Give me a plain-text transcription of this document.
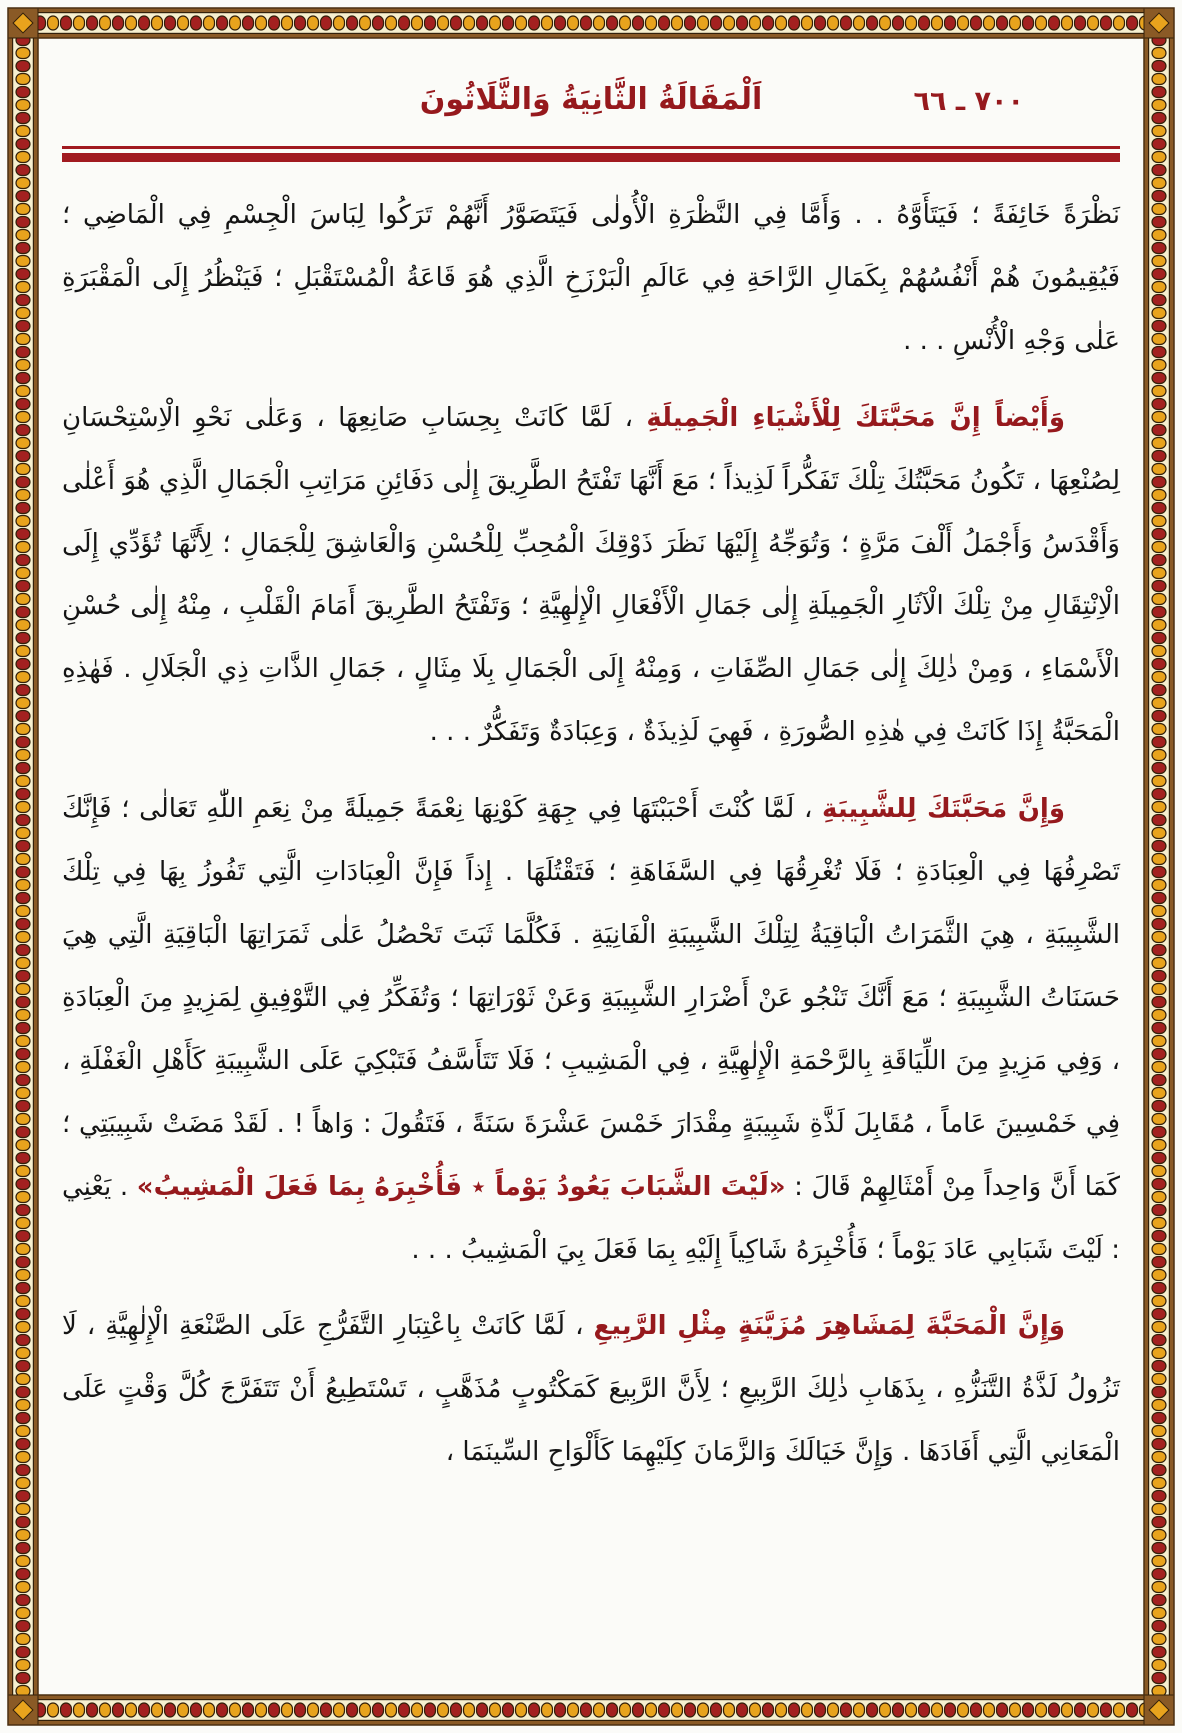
٧٠٠ ـ ٦٦
اَلْمَقَالَةُ الثَّانِيَةُ وَالثَّلَاثُونَ

نَظْرَةً خَائِفَةً ؛ فَيَتَأَوَّهُ . . وَأَمَّا فِي النَّظْرَةِ الْأُولٰى فَيَتَصَوَّرُ أَنَّهُمْ تَرَكُوا لِبَاسَ الْجِسْمِ فِي الْمَاضِي ؛ فَيُقِيمُونَ هُمْ أَنْفُسُهُمْ بِكَمَالِ الرَّاحَةِ فِي عَالَمِ الْبَرْزَخِ الَّذِي هُوَ قَاعَةُ الْمُسْتَقْبَلِ ؛ فَيَنْظُرُ إِلَى الْمَقْبَرَةِ عَلٰى وَجْهِ الْأُنْسِ . . .

وَأَيْضاً إِنَّ مَحَبَّتَكَ لِلْأَشْيَاءِ الْجَمِيلَةِ ، لَمَّا كَانَتْ بِحِسَابِ صَانِعِهَا ، وَعَلٰى نَحْوِ الْاِسْتِحْسَانِ لِصُنْعِهَا ، تَكُونُ مَحَبَّتُكَ تِلْكَ تَفَكُّراً لَذِيذاً ؛ مَعَ أَنَّهَا تَفْتَحُ الطَّرِيقَ إِلٰى دَفَائِنِ مَرَاتِبِ الْجَمَالِ الَّذِي هُوَ أَعْلٰى وَأَقْدَسُ وَأَجْمَلُ أَلْفَ مَرَّةٍ ؛ وَتُوَجِّهُ إِلَيْهَا نَظَرَ ذَوْقِكَ الْمُحِبِّ لِلْحُسْنِ وَالْعَاشِقَ لِلْجَمَالِ ؛ لِأَنَّهَا تُؤَدِّي إِلَى الْاِنْتِقَالِ مِنْ تِلْكَ الْآثَارِ الْجَمِيلَةِ إِلٰى جَمَالِ الْأَفْعَالِ الْإِلٰهِيَّةِ ؛ وَتَفْتَحُ الطَّرِيقَ أَمَامَ الْقَلْبِ ، مِنْهُ إِلٰى حُسْنِ الْأَسْمَاءِ ، وَمِنْ ذٰلِكَ إِلٰى جَمَالِ الصِّفَاتِ ، وَمِنْهُ إِلَى الْجَمَالِ بِلَا مِثَالٍ ، جَمَالِ الذَّاتِ ذِي الْجَلَالِ . فَهٰذِهِ الْمَحَبَّةُ إِذَا كَانَتْ فِي هٰذِهِ الصُّورَةِ ، فَهِيَ لَذِيذَةٌ ، وَعِبَادَةٌ وَتَفَكُّرٌ . . .

وَإِنَّ مَحَبَّتَكَ لِلشَّبِيبَةِ ، لَمَّا كُنْتَ أَحْبَبْتَهَا فِي جِهَةِ كَوْنِهَا نِعْمَةً جَمِيلَةً مِنْ نِعَمِ اللّٰهِ تَعَالٰى ؛ فَإِنَّكَ تَصْرِفُهَا فِي الْعِبَادَةِ ؛ فَلَا تُغْرِقُهَا فِي السَّفَاهَةِ ؛ فَتَقْتُلَهَا . إِذاً فَإِنَّ الْعِبَادَاتِ الَّتِي تَفُوزُ بِهَا فِي تِلْكَ الشَّبِيبَةِ ، هِيَ الثَّمَرَاتُ الْبَاقِيَةُ لِتِلْكَ الشَّبِيبَةِ الْفَانِيَةِ . فَكُلَّمَا ثَبَتَ تَحْصُلُ عَلٰى ثَمَرَاتِهَا الْبَاقِيَةِ الَّتِي هِيَ حَسَنَاتُ الشَّبِيبَةِ ؛ مَعَ أَنَّكَ تَنْجُو عَنْ أَضْرَارِ الشَّبِيبَةِ وَعَنْ ثَوْرَاتِهَا ؛ وَتُفَكِّرُ فِي التَّوْفِيقِ لِمَزِيدٍ مِنَ الْعِبَادَةِ ، وَفِي مَزِيدٍ مِنَ اللِّيَاقَةِ بِالرَّحْمَةِ الْإِلٰهِيَّةِ ، فِي الْمَشِيبِ ؛ فَلَا تَتَأَسَّفُ فَتَبْكِيَ عَلَى الشَّبِيبَةِ كَأَهْلِ الْغَفْلَةِ ، فِي خَمْسِينَ عَاماً ، مُقَابِلَ لَذَّةِ شَبِيبَةٍ مِقْدَارَ خَمْسَ عَشْرَةَ سَنَةً ، فَتَقُولَ : وَاهاً ! . لَقَدْ مَضَتْ شَبِيبَتِي ؛ كَمَا أَنَّ وَاحِداً مِنْ أَمْثَالِهِمْ قَالَ : «لَيْتَ الشَّبَابَ يَعُودُ يَوْماً ٭ فَأُخْبِرَهُ بِمَا فَعَلَ الْمَشِيبُ» . يَعْنِي : لَيْتَ شَبَابِي عَادَ يَوْماً ؛ فَأُخْبِرَهُ شَاكِياً إِلَيْهِ بِمَا فَعَلَ بِيَ الْمَشِيبُ . . .

وَإِنَّ الْمَحَبَّةَ لِمَشَاهِرَ مُزَيَّنَةٍ مِثْلِ الرَّبِيعِ ، لَمَّا كَانَتْ بِاعْتِبَارِ التَّفَرُّجِ عَلَى الصَّنْعَةِ الْإِلٰهِيَّةِ ، لَا تَزُولُ لَذَّةُ التَّنَزُّهِ ، بِذَهَابِ ذٰلِكَ الرَّبِيعِ ؛ لِأَنَّ الرَّبِيعَ كَمَكْتُوبٍ مُذَهَّبٍ ، تَسْتَطِيعُ أَنْ تَتَفَرَّجَ كُلَّ وَقْتٍ عَلَى الْمَعَانِي الَّتِي أَفَادَهَا . وَإِنَّ خَيَالَكَ وَالزَّمَانَ كِلَيْهِمَا كَأَلْوَاحِ السِّينَمَا ،
